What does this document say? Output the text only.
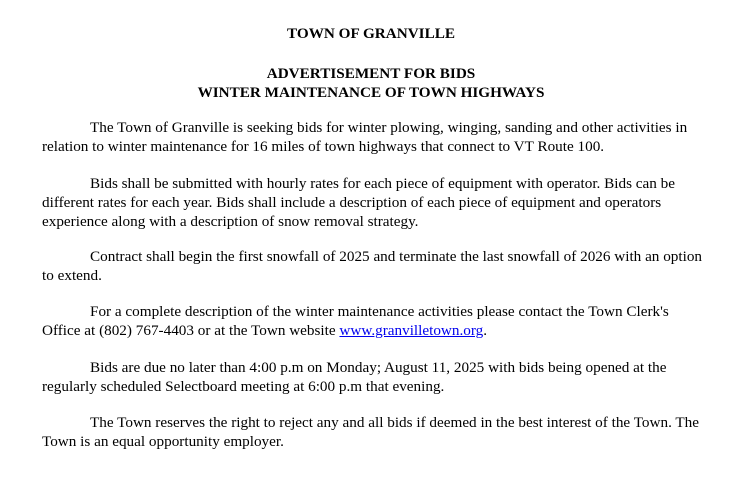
TOWN OF GRANVILLE
ADVERTISEMENT FOR BIDS
WINTER MAINTENANCE OF TOWN HIGHWAYS

The Town of Granville is seeking bids for winter plowing, winging, sanding and other activities in relation to winter maintenance for 16 miles of town highways that connect to VT Route 100.

Bids shall be submitted with hourly rates for each piece of equipment with operator. Bids can be different rates for each year. Bids shall include a description of each piece of equipment and operators experience along with a description of snow removal strategy.

Contract shall begin the first snowfall of 2025 and terminate the last snowfall of 2026 with an option to extend.

For a complete description of the winter maintenance activities please contact the Town Clerk's Office at (802) 767-4403 or at the Town website www.granvilletown.org.

Bids are due no later than 4:00 p.m on Monday; August 11, 2025 with bids being opened at the regularly scheduled Selectboard meeting at 6:00 p.m that evening.

The Town reserves the right to reject any and all bids if deemed in the best interest of the Town. The Town is an equal opportunity employer.
